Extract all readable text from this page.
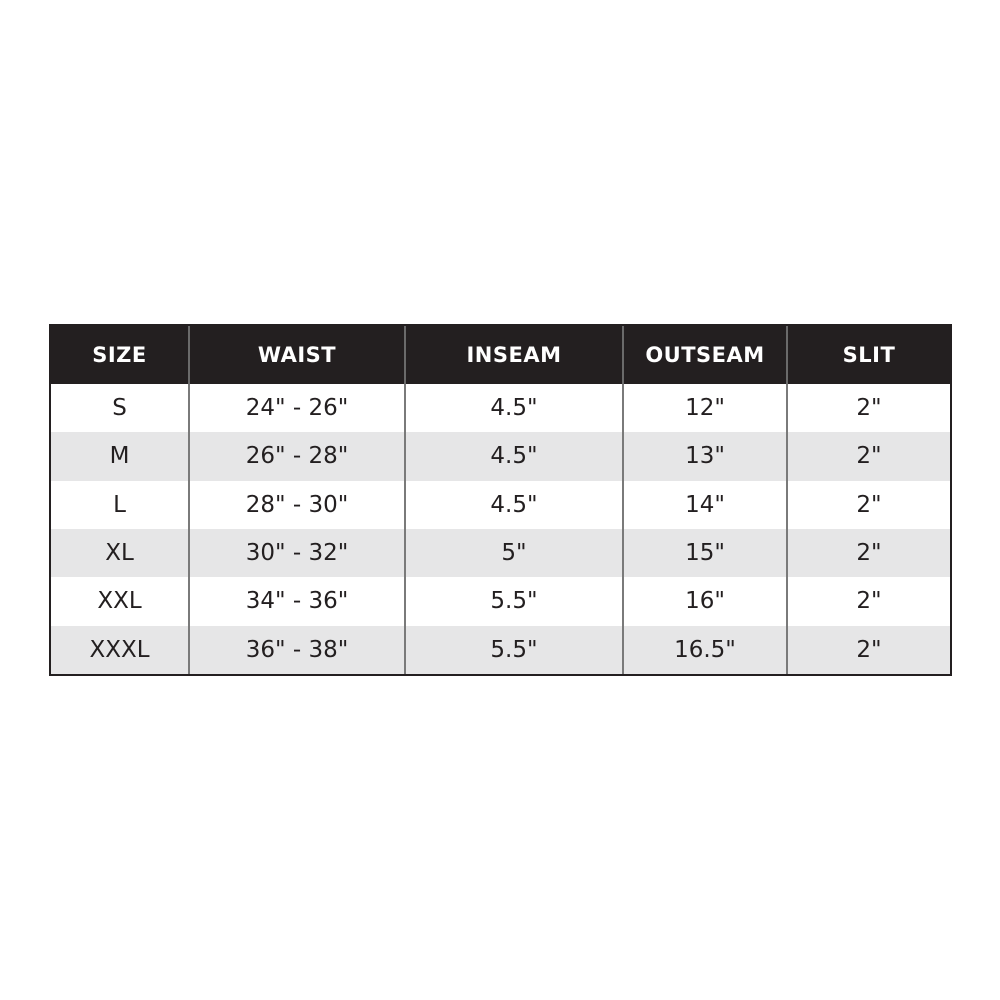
SIZE	WAIST	INSEAM	OUTSEAM	SLIT
S	24" - 26"	4.5"	12"	2"
M	26" - 28"	4.5"	13"	2"
L	28" - 30"	4.5"	14"	2"
XL	30" - 32"	5"	15"	2"
XXL	34" - 36"	5.5"	16"	2"
XXXL	36" - 38"	5.5"	16.5"	2"
